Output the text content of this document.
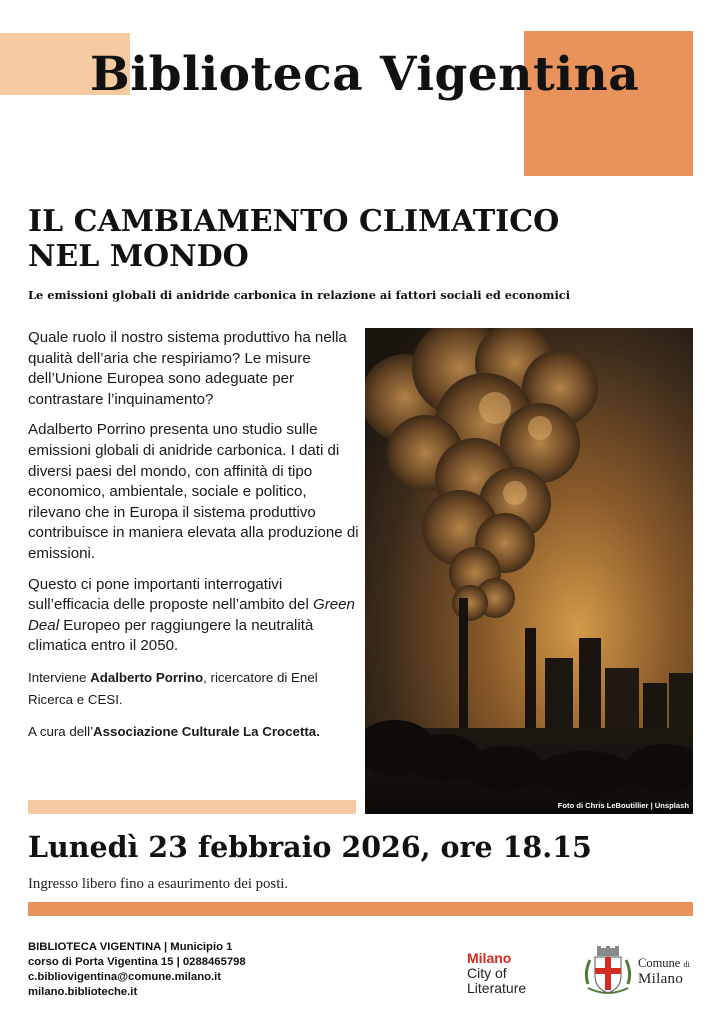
Biblioteca Vigentina
IL CAMBIAMENTO CLIMATICO
NEL MONDO
Le emissioni globali di anidride carbonica in relazione ai fattori sociali ed economici

Quale ruolo il nostro sistema produttivo ha nella qualità dell’aria che respiriamo? Le misure dell’Unione Europea sono adeguate per contrastare l’inquinamento?

Adalberto Porrino presenta uno studio sulle emissioni globali di anidride carbonica. I dati di diversi paesi del mondo, con affinità di tipo economico, ambientale, sociale e politico, rilevano che in Europa il sistema produttivo contribuisce in maniera elevata alla produzione di emissioni.

Questo ci pone importanti interrogativi sull’efficacia delle proposte nell’ambito del Green Deal Europeo per raggiungere la neutralità climatica entro il 2050.

Interviene Adalberto Porrino, ricercatore di Enel Ricerca e CESI.

A cura dell’Associazione Culturale La Crocetta.

Foto di Chris LeBoutillier | Unsplash
Lunedì 23 febbraio 2026, ore 18.15
Ingresso libero fino a esaurimento dei posti.
BIBLIOTECA VIGENTINA | Municipio 1
corso di Porta Vigentina 15 | 0288465798
c.bibliovigentina@comune.milano.it
milano.biblioteche.it
Milano
City of
Literature
Comune di
Milano
